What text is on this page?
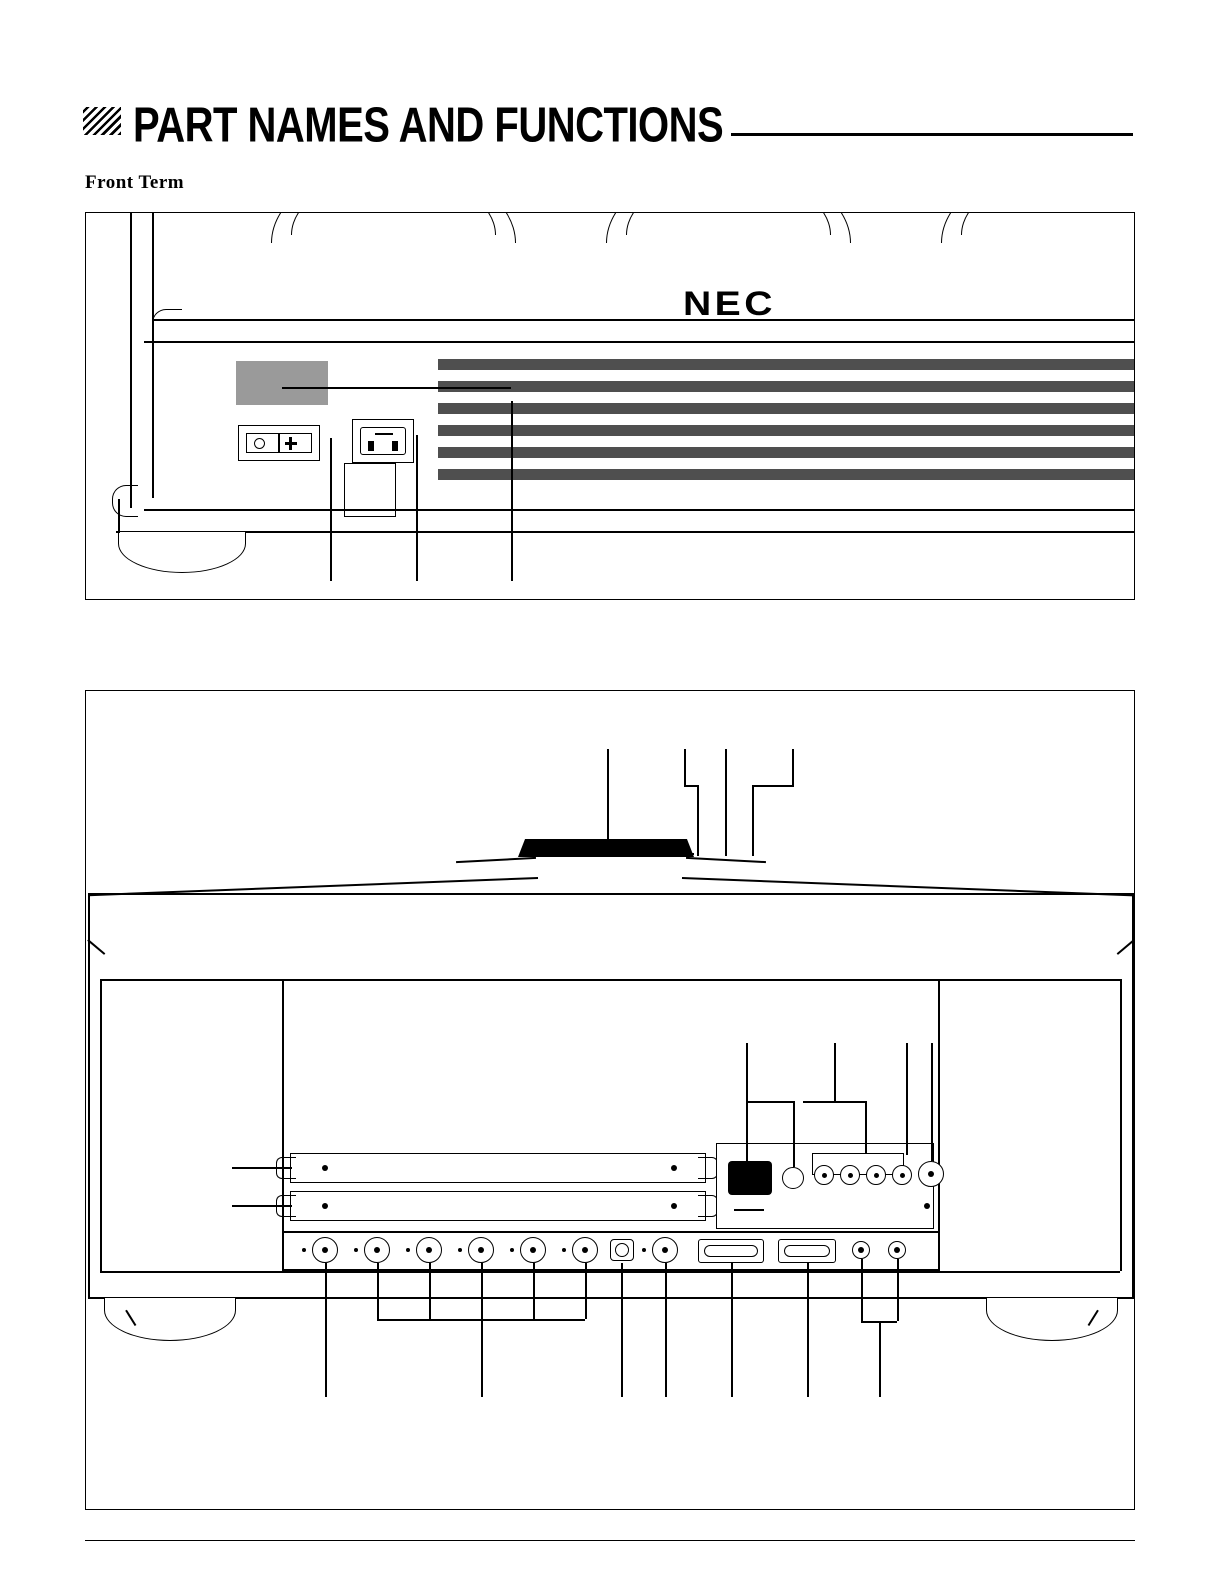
PART NAMES AND FUNCTIONS
Front Term
NEC
